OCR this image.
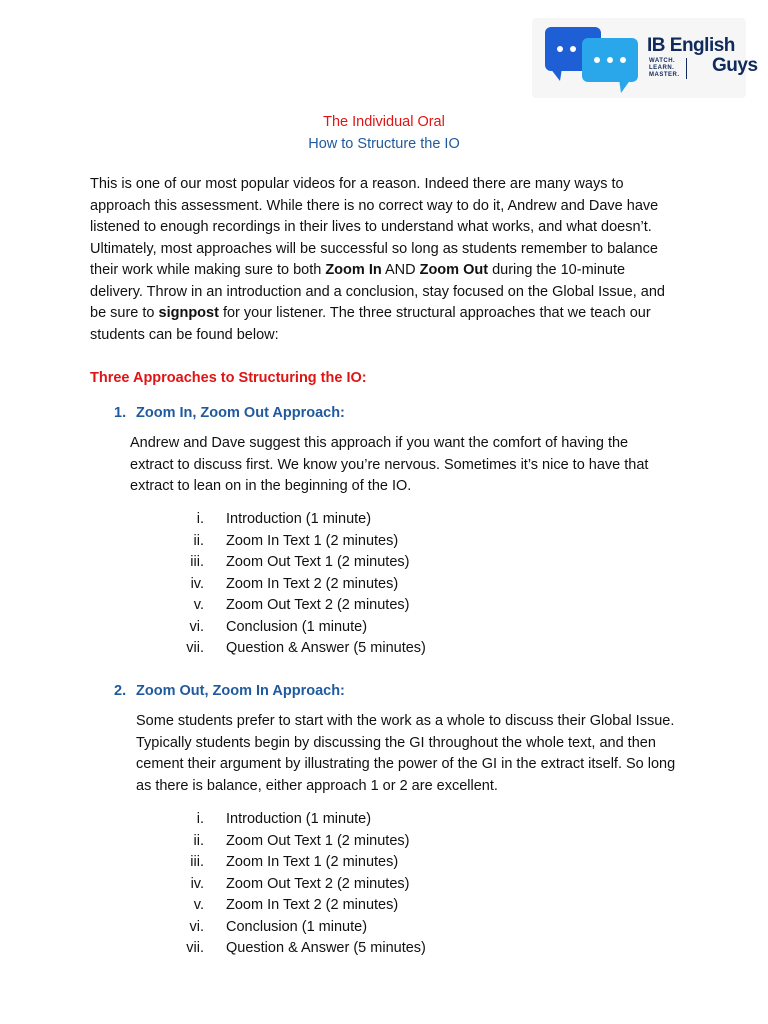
IB English
WATCH.
LEARN.
MASTER. Guys
The Individual Oral
How to Structure the IO
This is one of our most popular videos for a reason. Indeed there are many ways to approach this assessment. While there is no correct way to do it, Andrew and Dave have listened to enough recordings in their lives to understand what works, and what doesn’t. Ultimately, most approaches will be successful so long as students remember to balance their work while making sure to both Zoom In AND Zoom Out during the 10-minute delivery. Throw in an introduction and a conclusion, stay focused on the Global Issue, and be sure to signpost for your listener. The three structural approaches that we teach our students can be found below:
Three Approaches to Structuring the IO:
1. Zoom In, Zoom Out Approach:
Andrew and Dave suggest this approach if you want the comfort of having the extract to discuss first. We know you’re nervous. Sometimes it’s nice to have that extract to lean on in the beginning of the IO.
i. Introduction (1 minute)
ii. Zoom In Text 1 (2 minutes)
iii. Zoom Out Text 1 (2 minutes)
iv. Zoom In Text 2 (2 minutes)
v. Zoom Out Text 2 (2 minutes)
vi. Conclusion (1 minute)
vii. Question & Answer (5 minutes)
2. Zoom Out, Zoom In Approach:
Some students prefer to start with the work as a whole to discuss their Global Issue. Typically students begin by discussing the GI throughout the whole text, and then cement their argument by illustrating the power of the GI in the extract itself. So long as there is balance, either approach 1 or 2 are excellent.
i. Introduction (1 minute)
ii. Zoom Out Text 1 (2 minutes)
iii. Zoom In Text 1 (2 minutes)
iv. Zoom Out Text 2 (2 minutes)
v. Zoom In Text 2 (2 minutes)
vi. Conclusion (1 minute)
vii. Question & Answer (5 minutes)
